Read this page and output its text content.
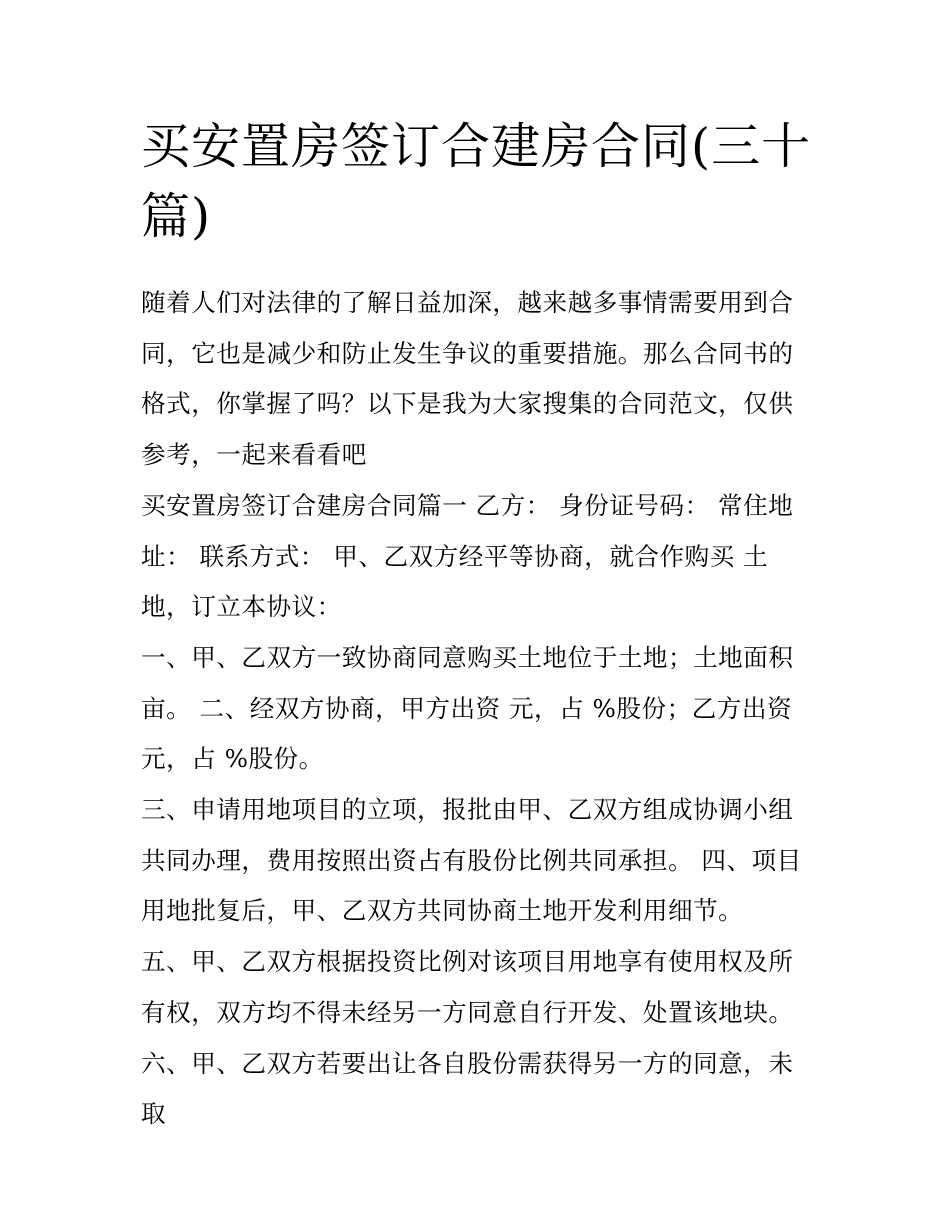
买安置房签订合建房合同(三十篇)

随着人们对法律的了解日益加深，越来越多事情需要用到合同，它也是减少和防止发生争议的重要措施。那么合同书的格式，你掌握了吗？以下是我为大家搜集的合同范文，仅供参考，一起来看看吧

买安置房签订合建房合同篇一 乙方： 身份证号码： 常住地址： 联系方式： 甲、乙双方经平等协商，就合作购买 土地，订立本协议：

一、甲、乙双方一致协商同意购买土地位于土地；土地面积亩。 二、经双方协商，甲方出资 元，占 %股份；乙方出资 元，占 %股份。

三、申请用地项目的立项，报批由甲、乙双方组成协调小组共同办理，费用按照出资占有股份比例共同承担。 四、项目用地批复后，甲、乙双方共同协商土地开发利用细节。

五、甲、乙双方根据投资比例对该项目用地享有使用权及所有权，双方均不得未经另一方同意自行开发、处置该地块。

六、甲、乙双方若要出让各自股份需获得另一方的同意，未取
